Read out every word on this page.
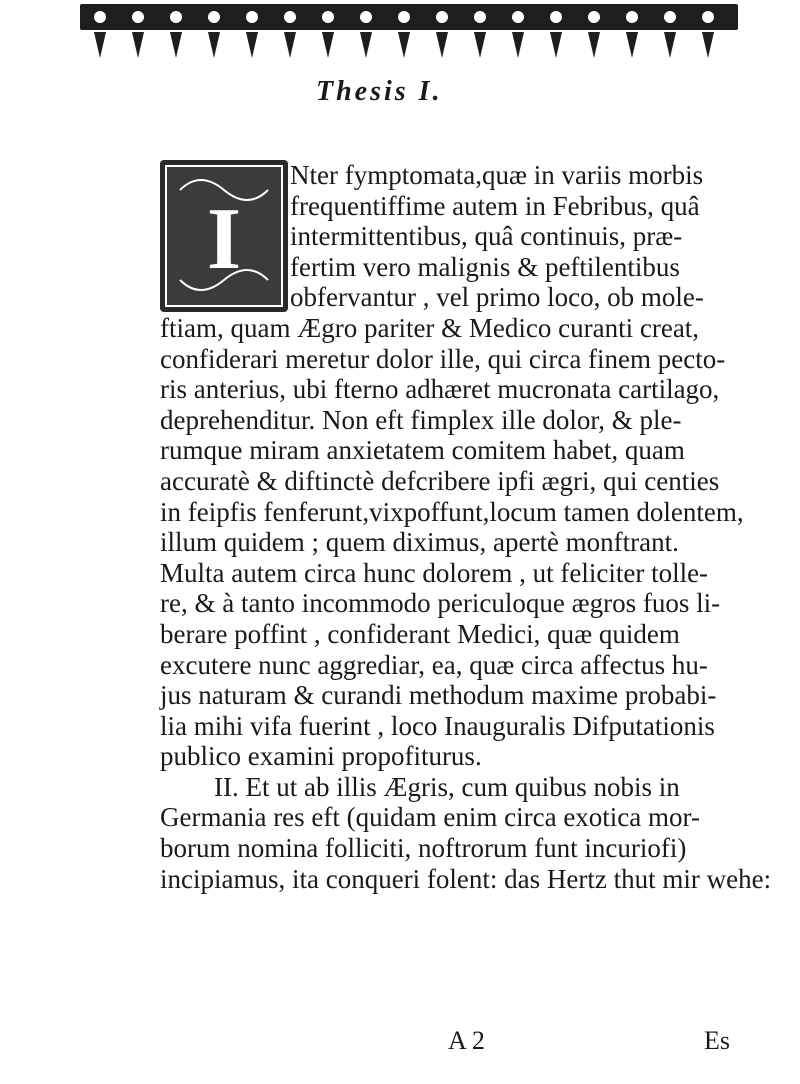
Thesis I.
I
Nter fymptomata,quæ in variis morbis
frequentiffime autem in Febribus, quâ
intermittentibus, quâ continuis, præ-
fertim vero malignis & peftilentibus
obfervantur , vel primo loco, ob mole-
ftiam, quam Ægro pariter & Medico curanti creat,
confiderari meretur dolor ille, qui circa finem pecto-
ris anterius, ubi fterno adhæret mucronata cartilago,
deprehenditur. Non eft fimplex ille dolor, & ple-
rumque miram anxietatem comitem habet, quam
accuratè & diftinctè defcribere ipfi ægri, qui centies
in feipfis fenferunt,vixpoffunt,locum tamen dolentem,
illum quidem ; quem diximus, apertè monftrant.
Multa autem circa hunc dolorem , ut feliciter tolle-
re, & à tanto incommodo periculoque ægros fuos li-
berare poffint , confiderant Medici, quæ quidem
excutere nunc aggrediar, ea, quæ circa affectus hu-
jus naturam & curandi methodum maxime probabi-
lia mihi vifa fuerint , loco Inauguralis Difputationis
publico examini propofiturus.
II. Et ut ab illis Ægris, cum quibus nobis in
Germania res eft (quidam enim circa exotica mor-
borum nomina folliciti, noftrorum funt incuriofi)
incipiamus, ita conqueri folent: das Hertz thut mir wehe:
A 2	Es
